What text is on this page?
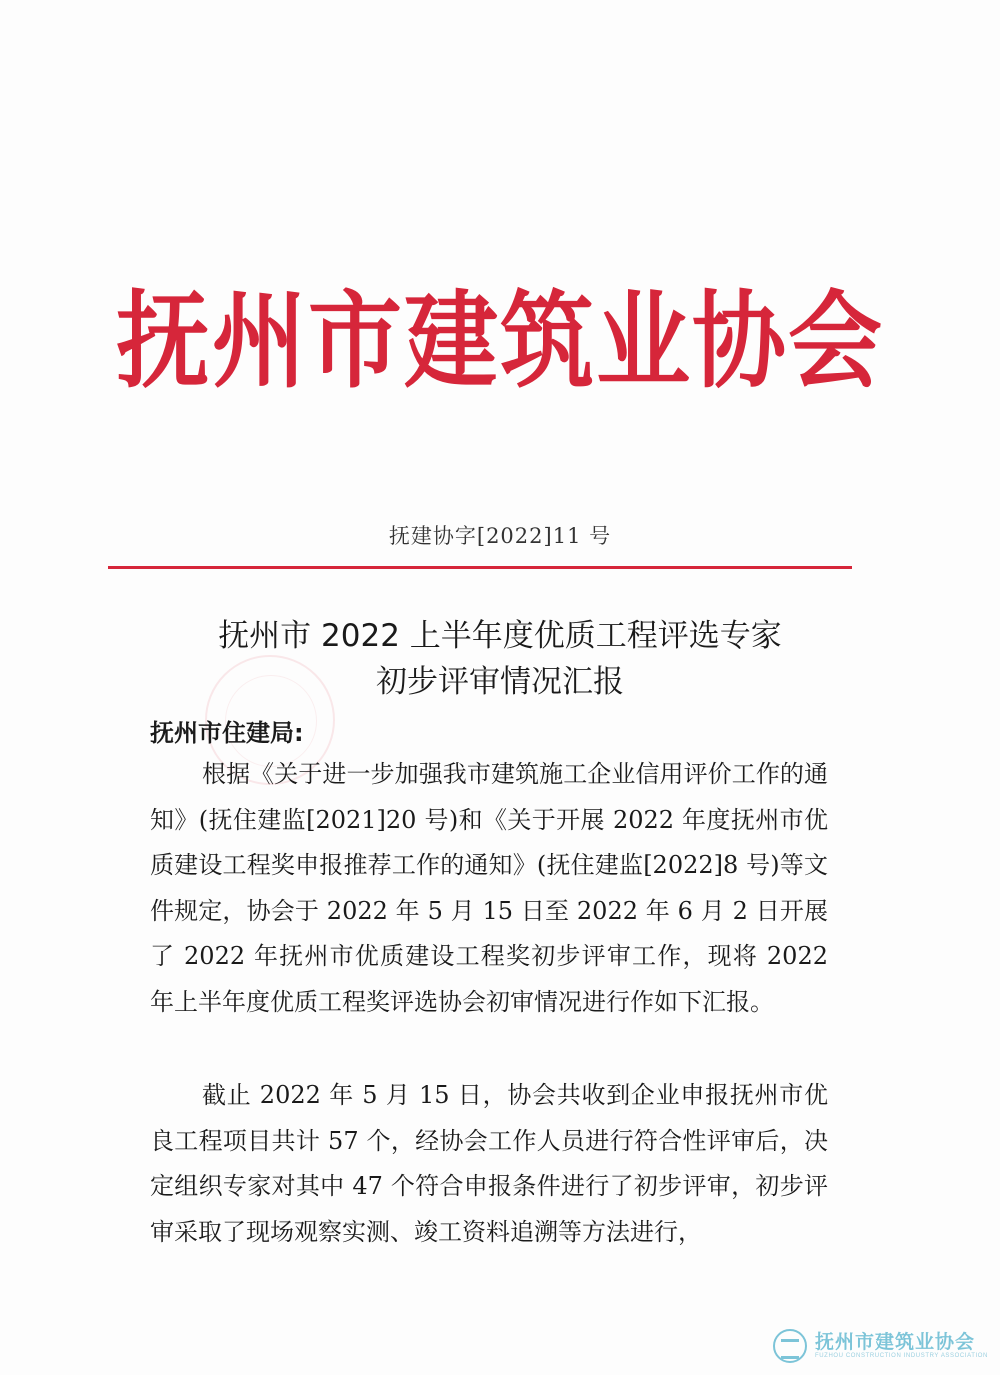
抚州市建筑业协会
抚建协字[2022]11 号
抚州市 2022 上半年度优质工程评选专家
初步评审情况汇报
抚州市住建局:

根据《关于进一步加强我市建筑施工企业信用评价工作的通知》(抚住建监[2021]20 号)和《关于开展 2022 年度抚州市优质建设工程奖申报推荐工作的通知》(抚住建监[2022]8 号)等文件规定，协会于 2022 年 5 月 15 日至 2022 年 6 月 2 日开展了 2022 年抚州市优质建设工程奖初步评审工作，现将 2022 年上半年度优质工程奖评选协会初审情况进行作如下汇报。

截止 2022 年 5 月 15 日，协会共收到企业申报抚州市优良工程项目共计 57 个，经协会工作人员进行符合性评审后，决定组织专家对其中 47 个符合申报条件进行了初步评审，初步评审采取了现场观察实测、竣工资料追溯等方法进行，

抚州市建筑业协会
FUZHOU CONSTRUCTION INDUSTRY ASSOCIATION
